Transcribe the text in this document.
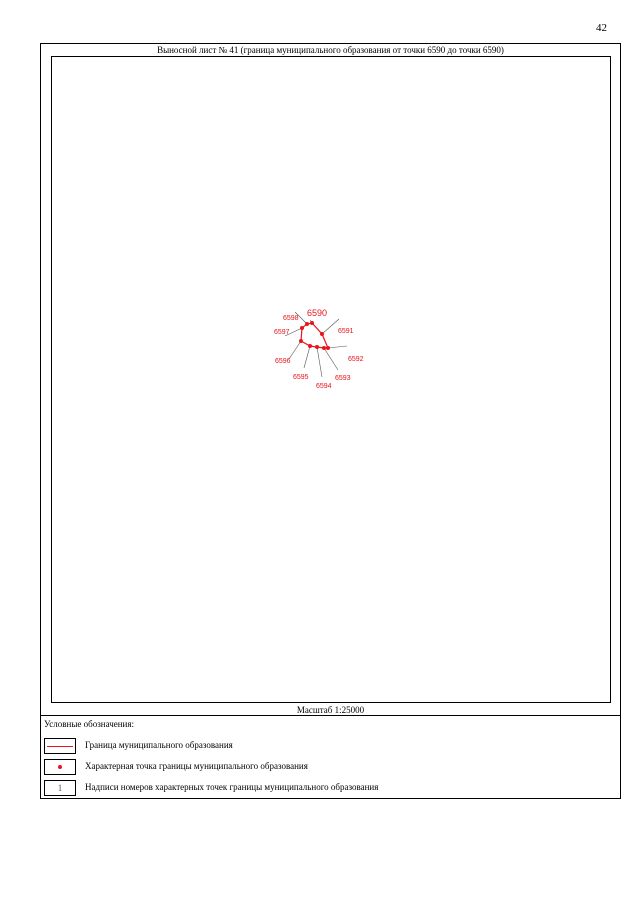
42
Выносной лист № 41 (граница муниципального образования от точки 6590 до точки 6590)
6590
6591
6592
6593
6594
6595
6596
6597
6598
Масштаб 1:25000
Условные обозначения:
Граница муниципального образования
Характерная точка границы муниципального образования
1	Надписи номеров характерных точек границы муниципального образования
